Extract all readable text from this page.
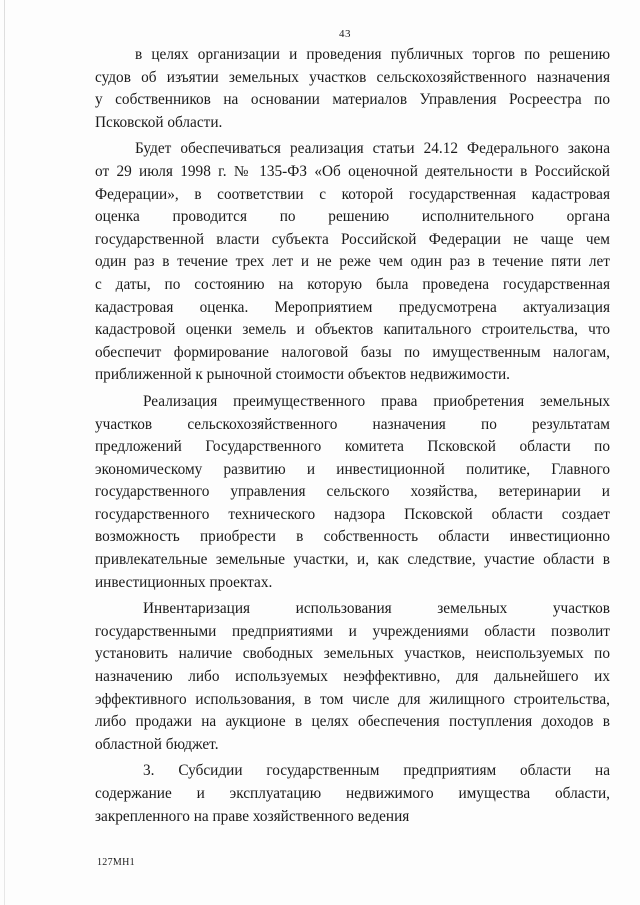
43
в целях организации и проведения публичных торгов по решению
судов об изъятии земельных участков сельскохозяйственного назначения
у собственников на основании материалов Управления Росреестра по
Псковской области.
Будет обеспечиваться реализация статьи 24.12 Федерального закона
от 29 июля 1998 г. № 135-ФЗ «Об оценочной деятельности в Российской
Федерации», в соответствии с которой государственная кадастровая
оценка проводится по решению исполнительного органа
государственной власти субъекта Российской Федерации не чаще чем
один раз в течение трех лет и не реже чем один раз в течение пяти лет
с даты, по состоянию на которую была проведена государственная
кадастровая оценка. Мероприятием предусмотрена актуализация
кадастровой оценки земель и объектов капитального строительства, что
обеспечит формирование налоговой базы по имущественным налогам,
приближенной к рыночной стоимости объектов недвижимости.
Реализация преимущественного права приобретения земельных
участков сельскохозяйственного назначения по результатам
предложений Государственного комитета Псковской области по
экономическому развитию и инвестиционной политике, Главного
государственного управления сельского хозяйства, ветеринарии и
государственного технического надзора Псковской области создает
возможность приобрести в собственность области инвестиционно
привлекательные земельные участки, и, как следствие, участие области в
инвестиционных проектах.
Инвентаризация использования земельных участков
государственными предприятиями и учреждениями области позволит
установить наличие свободных земельных участков, неиспользуемых по
назначению либо используемых неэффективно, для дальнейшего их
эффективного использования, в том числе для жилищного строительства,
либо продажи на аукционе в целях обеспечения поступления доходов в
областной бюджет.
3. Субсидии государственным предприятиям области на
содержание и эксплуатацию недвижимого имущества области,
закрепленного на праве хозяйственного ведения
127МН1
